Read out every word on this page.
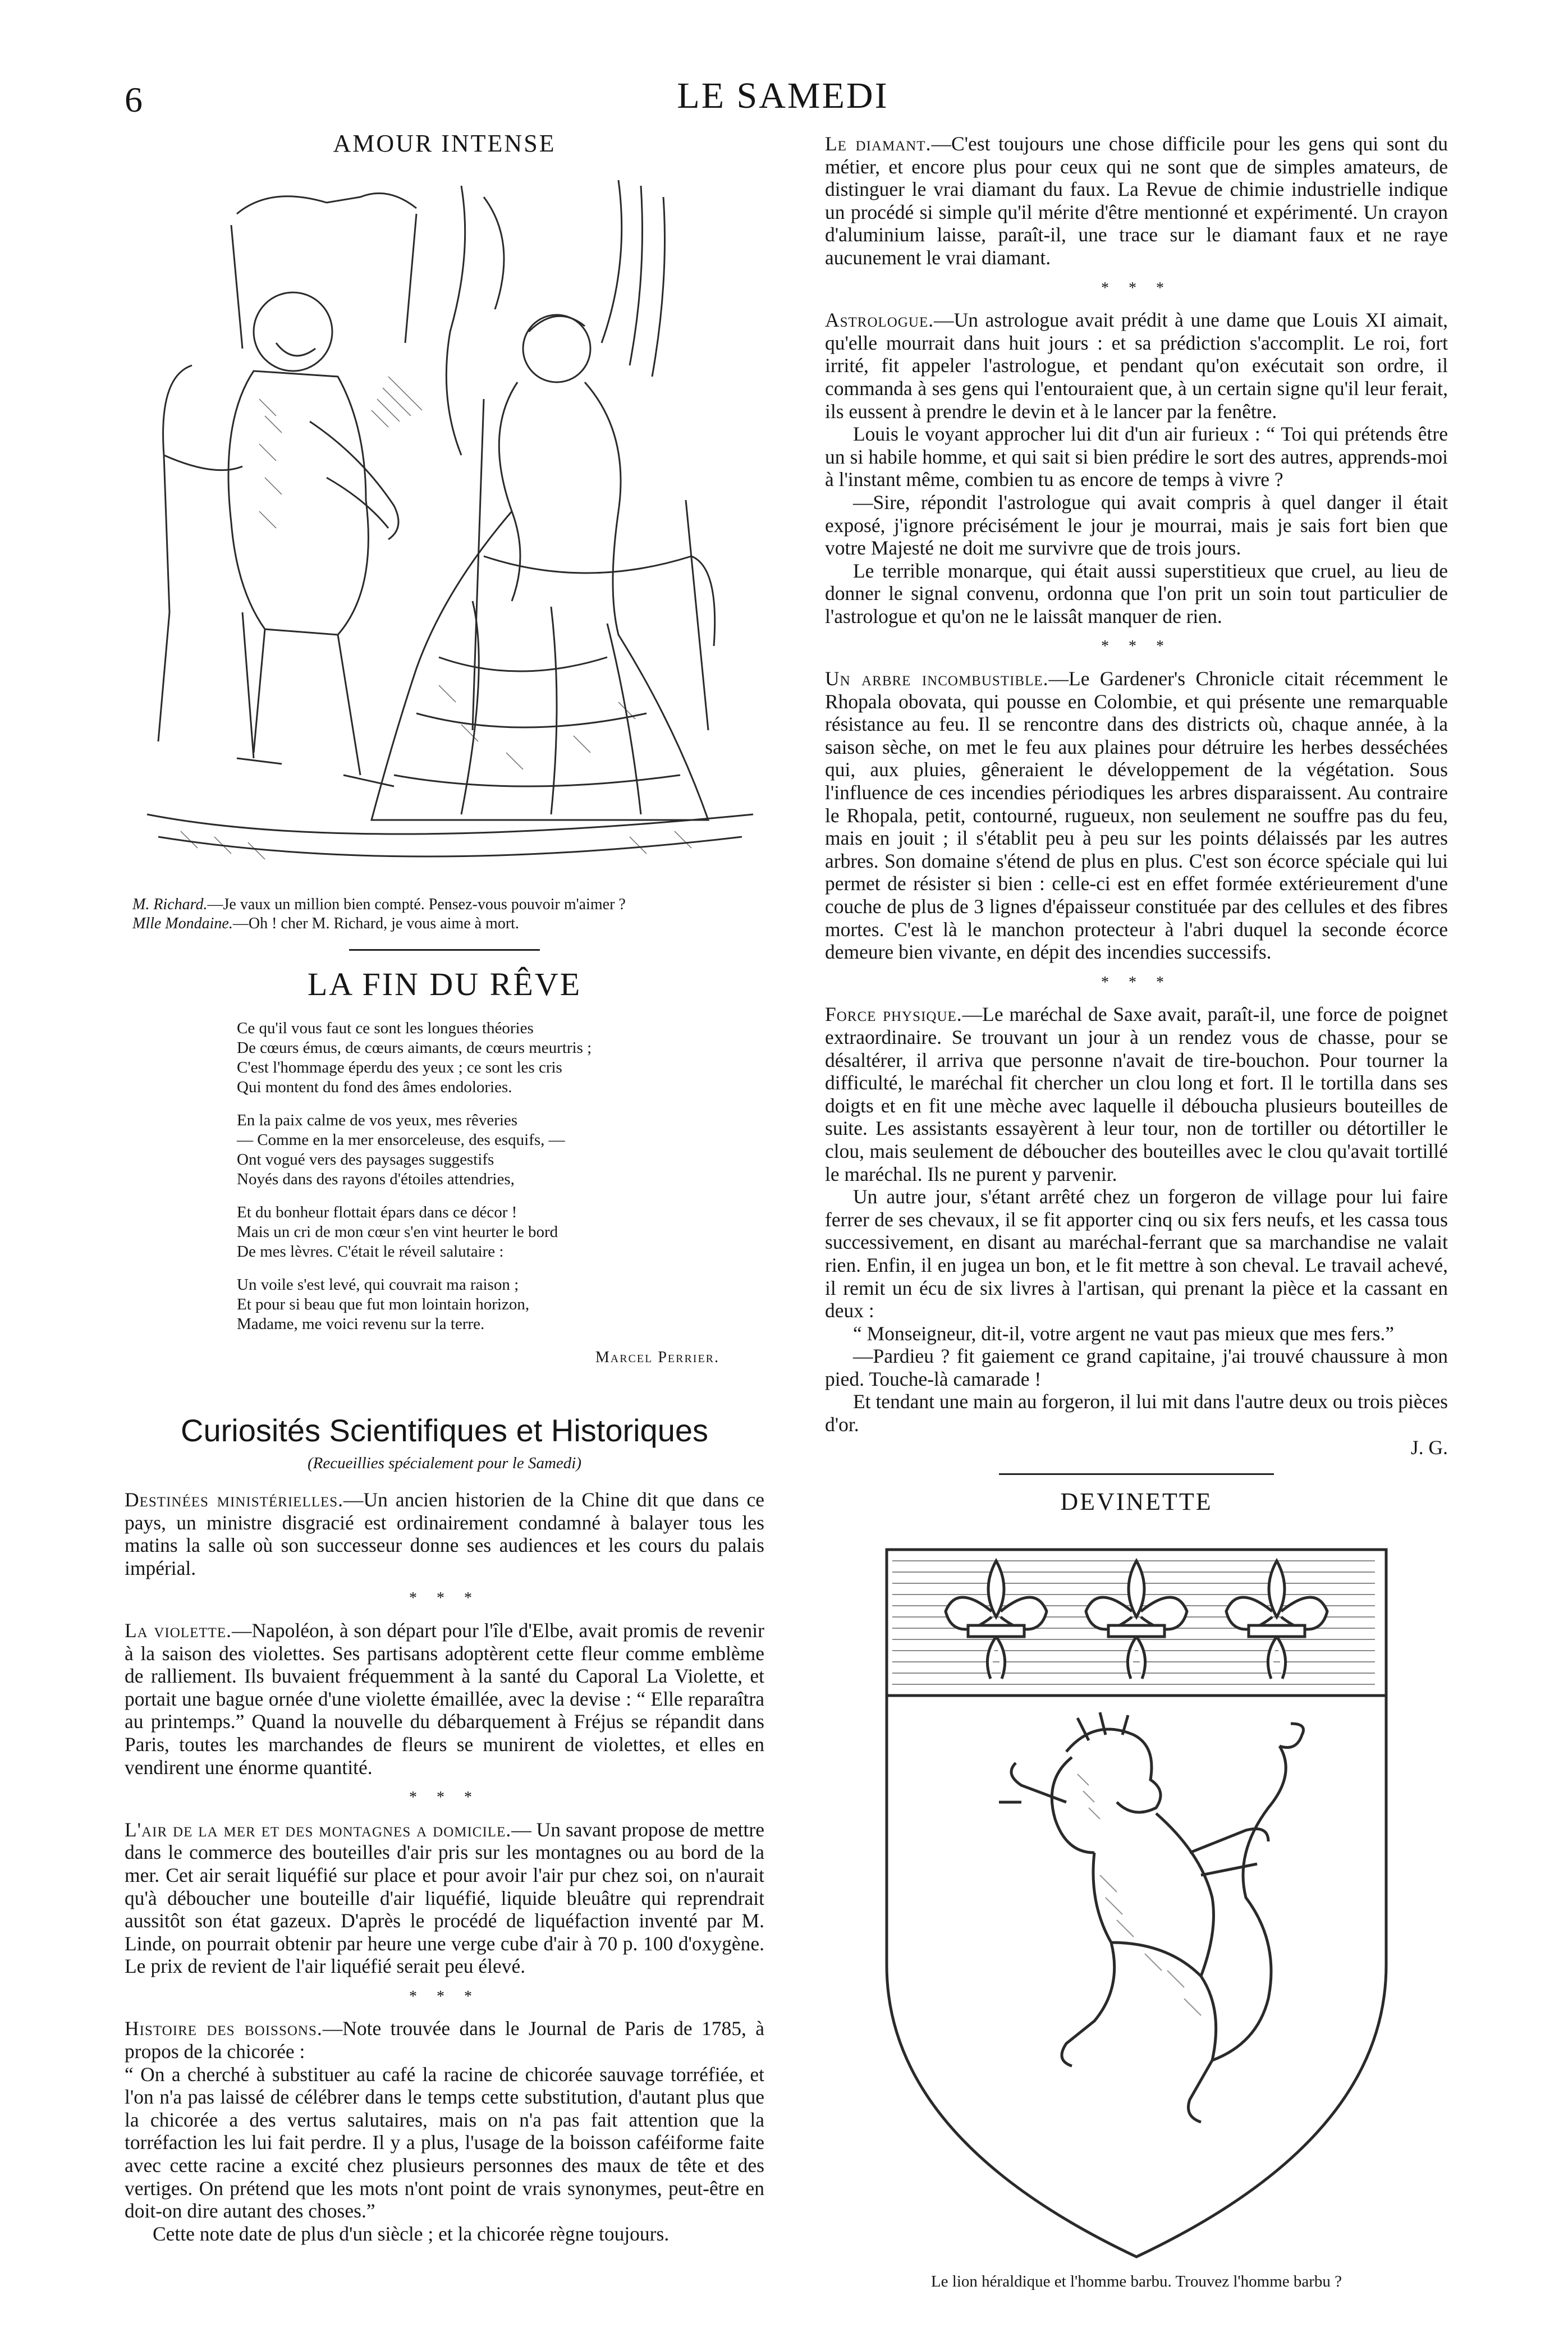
6	LE SAMEDI
AMOUR INTENSE
M. Richard.—Je vaux un million bien compté. Pensez-vous pouvoir m'aimer ?
Mlle Mondaine.—Oh ! cher M. Richard, je vous aime à mort.
LA FIN DU RÊVE
Ce qu'il vous faut ce sont les longues théories
De cœurs émus, de cœurs aimants, de cœurs meurtris ;
C'est l'hommage éperdu des yeux ; ce sont les cris
Qui montent du fond des âmes endolories.
En la paix calme de vos yeux, mes rêveries
— Comme en la mer ensorceleuse, des esquifs, —
Ont vogué vers des paysages suggestifs
Noyés dans des rayons d'étoiles attendries,
Et du bonheur flottait épars dans ce décor !
Mais un cri de mon cœur s'en vint heurter le bord
De mes lèvres. C'était le réveil salutaire :
Un voile s'est levé, qui couvrait ma raison ;
Et pour si beau que fut mon lointain horizon,
Madame, me voici revenu sur la terre.
Marcel Perrier.
Curiosités Scientifiques et Historiques
(Recueillies spécialement pour le Samedi)

Destinées ministérielles.—Un ancien historien de la Chine dit que dans ce pays, un ministre disgracié est ordinairement condamné à balayer tous les matins la salle où son successeur donne ses audiences et les cours du palais impérial.

* * *

La violette.—Napoléon, à son départ pour l'île d'Elbe, avait promis de revenir à la saison des violettes. Ses partisans adoptèrent cette fleur comme emblème de ralliement. Ils buvaient fréquemment à la santé du Caporal La Violette, et portait une bague ornée d'une violette émaillée, avec la devise : “ Elle reparaîtra au printemps.” Quand la nouvelle du débarquement à Fréjus se répandit dans Paris, toutes les marchandes de fleurs se munirent de violettes, et elles en vendirent une énorme quantité.

* * *

L'air de la mer et des montagnes a domicile.— Un savant propose de mettre dans le commerce des bouteilles d'air pris sur les montagnes ou au bord de la mer. Cet air serait liquéfié sur place et pour avoir l'air pur chez soi, on n'aurait qu'à déboucher une bouteille d'air liquéfié, liquide bleuâtre qui reprendrait aussitôt son état gazeux. D'après le procédé de liquéfaction inventé par M. Linde, on pourrait obtenir par heure une verge cube d'air à 70 p. 100 d'oxygène. Le prix de revient de l'air liquéfié serait peu élevé.

* * *

Histoire des boissons.—Note trouvée dans le Journal de Paris de 1785, à propos de la chicorée :

“ On a cherché à substituer au café la racine de chicorée sauvage torréfiée, et l'on n'a pas laissé de célébrer dans le temps cette substitution, d'autant plus que la chicorée a des vertus salutaires, mais on n'a pas fait attention que la torréfaction les lui fait perdre. Il y a plus, l'usage de la boisson caféiforme faite avec cette racine a excité chez plusieurs personnes des maux de tête et des vertiges. On prétend que les mots n'ont point de vrais synonymes, peut-être en doit-on dire autant des choses.”

Cette note date de plus d'un siècle ; et la chicorée règne toujours.

Le diamant.—C'est toujours une chose difficile pour les gens qui sont du métier, et encore plus pour ceux qui ne sont que de simples amateurs, de distinguer le vrai diamant du faux. La Revue de chimie industrielle indique un procédé si simple qu'il mérite d'être mentionné et expérimenté. Un crayon d'aluminium laisse, paraît-il, une trace sur le diamant faux et ne raye aucunement le vrai diamant.

* * *

Astrologue.—Un astrologue avait prédit à une dame que Louis XI aimait, qu'elle mourrait dans huit jours : et sa prédiction s'accomplit. Le roi, fort irrité, fit appeler l'astrologue, et pendant qu'on exécutait son ordre, il commanda à ses gens qui l'entouraient que, à un certain signe qu'il leur ferait, ils eussent à prendre le devin et à le lancer par la fenêtre.

Louis le voyant approcher lui dit d'un air furieux : “ Toi qui prétends être un si habile homme, et qui sait si bien prédire le sort des autres, apprends-moi à l'instant même, combien tu as encore de temps à vivre ?

—Sire, répondit l'astrologue qui avait compris à quel danger il était exposé, j'ignore précisément le jour je mourrai, mais je sais fort bien que votre Majesté ne doit me survivre que de trois jours.

Le terrible monarque, qui était aussi superstitieux que cruel, au lieu de donner le signal convenu, ordonna que l'on prit un soin tout particulier de l'astrologue et qu'on ne le laissât manquer de rien.

* * *

Un arbre incombustible.—Le Gardener's Chronicle citait récemment le Rhopala obovata, qui pousse en Colombie, et qui présente une remarquable résistance au feu. Il se rencontre dans des districts où, chaque année, à la saison sèche, on met le feu aux plaines pour détruire les herbes desséchées qui, aux pluies, gêneraient le développement de la végétation. Sous l'influence de ces incendies périodiques les arbres disparaissent. Au contraire le Rhopala, petit, contourné, rugueux, non seulement ne souffre pas du feu, mais en jouit ; il s'établit peu à peu sur les points délaissés par les autres arbres. Son domaine s'étend de plus en plus. C'est son écorce spéciale qui lui permet de résister si bien : celle-ci est en effet formée extérieurement d'une couche de plus de 3 lignes d'épaisseur constituée par des cellules et des fibres mortes. C'est là le manchon protecteur à l'abri duquel la seconde écorce demeure bien vivante, en dépit des incendies successifs.

* * *

Force physique.—Le maréchal de Saxe avait, paraît-il, une force de poignet extraordinaire. Se trouvant un jour à un rendez vous de chasse, pour se désaltérer, il arriva que personne n'avait de tire-bouchon. Pour tourner la difficulté, le maréchal fit chercher un clou long et fort. Il le tortilla dans ses doigts et en fit une mèche avec laquelle il déboucha plusieurs bouteilles de suite. Les assistants essayèrent à leur tour, non de tortiller ou détortiller le clou, mais seulement de déboucher des bouteilles avec le clou qu'avait tortillé le maréchal. Ils ne purent y parvenir.

Un autre jour, s'étant arrêté chez un forgeron de village pour lui faire ferrer de ses chevaux, il se fit apporter cinq ou six fers neufs, et les cassa tous successivement, en disant au maréchal-ferrant que sa marchandise ne valait rien. Enfin, il en jugea un bon, et le fit mettre à son cheval. Le travail achevé, il remit un écu de six livres à l'artisan, qui prenant la pièce et la cassant en deux :

“ Monseigneur, dit-il, votre argent ne vaut pas mieux que mes fers.”

—Pardieu ? fit gaiement ce grand capitaine, j'ai trouvé chaussure à mon pied. Touche-là camarade !

Et tendant une main au forgeron, il lui mit dans l'autre deux ou trois pièces d'or.

J. G.

DEVINETTE
Le lion héraldique et l'homme barbu. Trouvez l'homme barbu ?
